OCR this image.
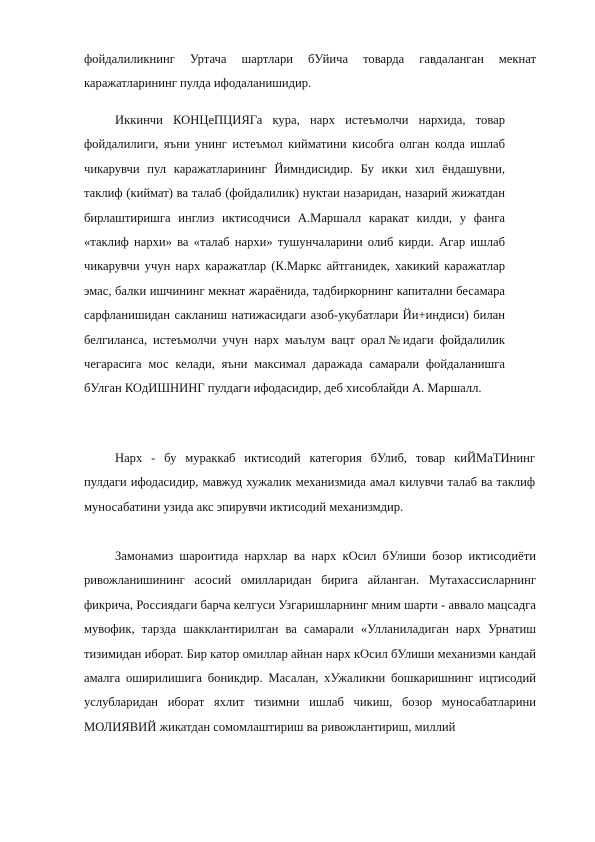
фойдалиликнинг Уртача шартлари бУйича товарда гавдаланган мекнат каражатларининг пулда ифодаланишидир.

Иккинчи КОНЦеПЦИЯГа кура, нарх истеъмолчи нархида, товар фойдалилиги, яъни унинг истеъмол кийматини кисобга олган колда ишлаб чикарувчи пул каражатларининг Йимндисидир. Бу икки хил ёндашувни, таклиф (киймат) ва талаб (фойдалилик) нуктаи назаридан, назарий жижатдан бирлаштиришга инглиз иктисодчиси А.Маршалл каракат килди, у фанга «таклиф нархи» ва «талаб нархи» тушунчаларини олиб кирди. Агар ишлаб чикарувчи учун нарх каражатлар (К.Маркс айтганидек, хакикий каражатлар эмас, балки ишчининг мекнат жараёнида, тадбиркорнинг капитални бесамара сарфланишидан сакланиш натижасидаги азоб-укубатлари Йи+индиси) билан белгиланса, истеъмолчи учун нарх маълум вацт орал№идаги фойдалилик чегарасига мос келади, яъни максимал даражада самарали фойдаланишга бУлган КОдИШНИНГ пулдаги ифодасидир, деб хисоблайди А. Маршалл.

Нарх - бу мураккаб иктисодий категория бУлиб, товар киЙМаТИнинг пулдаги ифодасидир, мавжуд хужалик механизмида амал килувчи талаб ва таклиф муносабатини узида акс эпирувчи иктисодий механизмдир.

Замонамиз шароитида нархлар ва нарх кОсил бУлиши бозор иктисодиёти ривожланишининг асосий омилларидан бирига айланган. Мутахассисларнинг фикрича, Россиядаги барча келгуси Узгаришларнинг мним шарти - аввало мацсадга мувофик, тарзда шакклантирилган ва самарали «Улланиладиган нарх Урнатиш тизимидан иборат. Бир катор омиллар айнан нарх кОсил бУлиши механизми кандай амалга оширилишига боникдир. Масалан, хУжаликни бошкаришнинг ицтисодий услубларидан иборат яхлит тизимни ишлаб чикиш, бозор муносабатларини МОЛИЯВИЙ жикатдан сомомлаштириш ва ривожлантириш, миллий
